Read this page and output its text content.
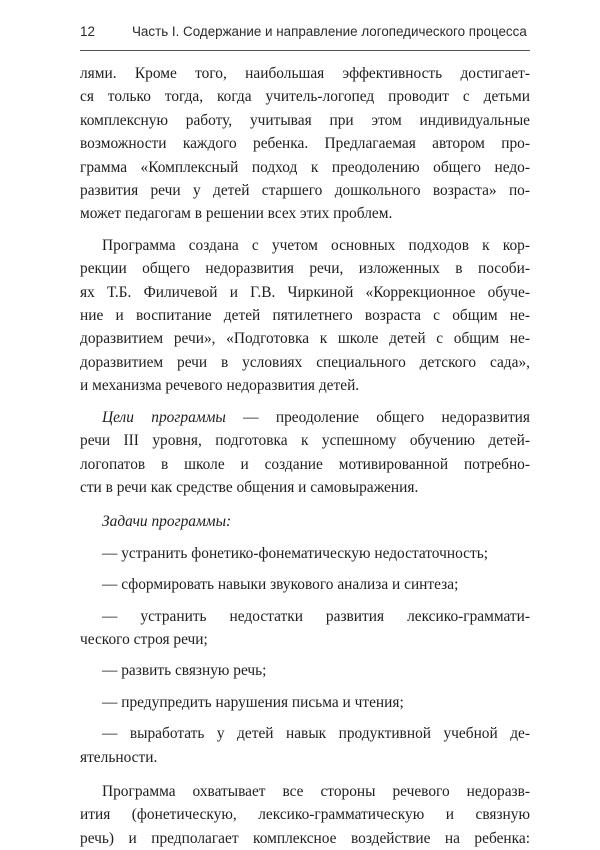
12	Часть I. Содержание и направление логопедического процесса

лями. Кроме того, наибольшая эффективность достигает-

ся только тогда, когда учитель-логопед проводит с детьми

комплексную работу, учитывая при этом индивидуальные

возможности каждого ребенка. Предлагаемая автором про-

грамма «Комплексный подход к преодолению общего недо-

развития речи у детей старшего дошкольного возраста» по-

может педагогам в решении всех этих проблем.

Программа создана с учетом основных подходов к кор-

рекции общего недоразвития речи, изложенных в пособи-

ях Т.Б. Филичевой и Г.В. Чиркиной «Коррекционное обуче-

ние и воспитание детей пятилетнего возраста с общим не-

доразвитием речи», «Подготовка к школе детей с общим не-

доразвитием речи в условиях специального детского сада»,

и механизма речевого недоразвития детей.

Цели программы — преодоление общего недоразвития

речи III уровня, подготовка к успешному обучению детей-

логопатов в школе и создание мотивированной потребно-

сти в речи как средстве общения и самовыражения.

Задачи программы:

— устранить фонетико-фонематическую недостаточность;

— сформировать навыки звукового анализа и синтеза;

— устранить недостатки развития лексико-граммати-

ческого строя речи;

— развить связную речь;

— предупредить нарушения письма и чтения;

— выработать у детей навык продуктивной учебной де-

ятельности.

Программа охватывает все стороны речевого недоразв-

ития (фонетическую, лексико-грамматическую и связную

речь) и предполагает комплексное воздействие на ребенка:
